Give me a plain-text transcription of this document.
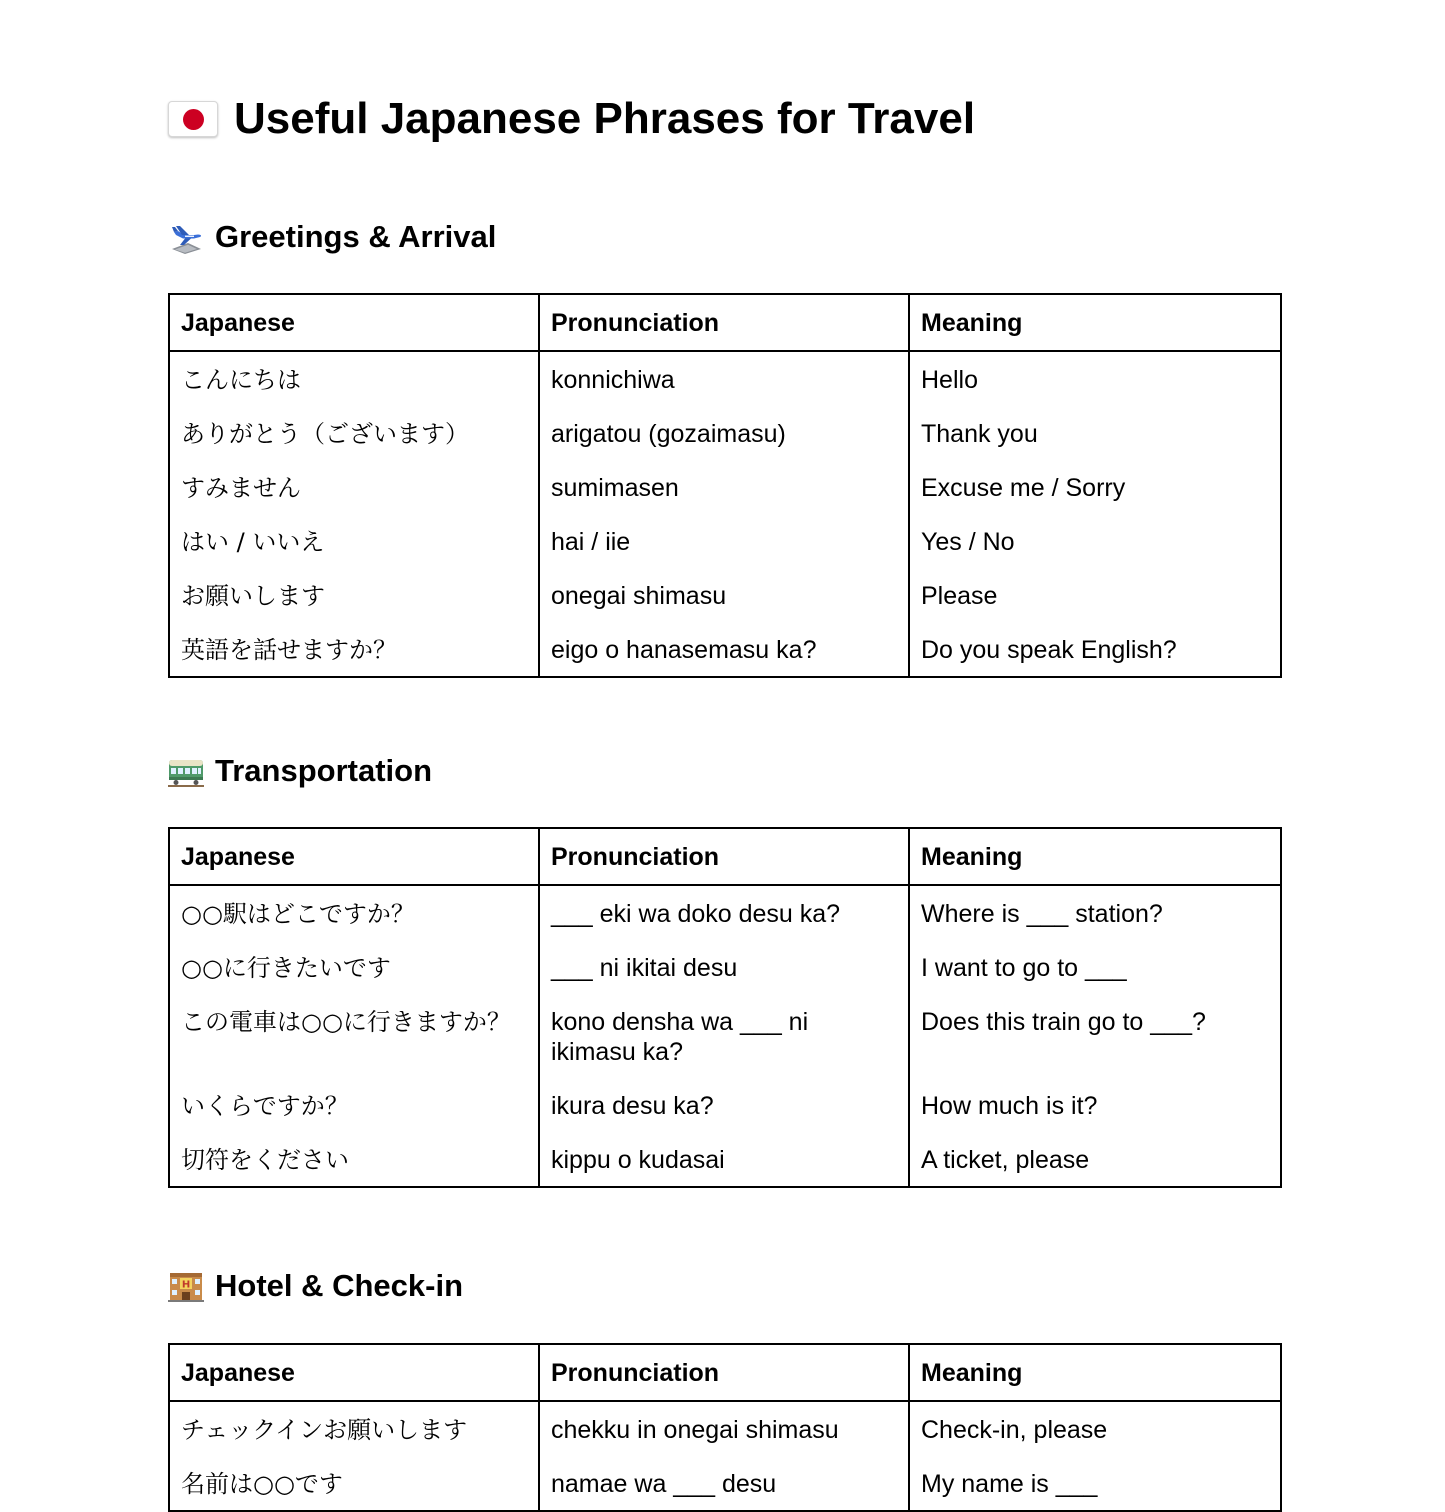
Useful Japanese Phrases for Travel
Greetings & Arrival
Japanese	Pronunciation	Meaning
こんにちは	konnichiwa	Hello
ありがとう（ございます）	arigatou (gozaimasu)	Thank you
すみません	sumimasen	Excuse me / Sorry
はい / いいえ	hai / iie	Yes / No
お願いします	onegai shimasu	Please
英語を話せますか？	eigo o hanasemasu ka?	Do you speak English?
Transportation
Japanese	Pronunciation	Meaning
○○駅はどこですか？	___ eki wa doko desu ka?	Where is ___ station?
○○に行きたいです	___ ni ikitai desu	I want to go to ___
この電車は○○に行きますか？	kono densha wa ___ ni ikimasu ka?	Does this train go to ___?
いくらですか？	ikura desu ka?	How much is it?
切符をください	kippu o kudasai	A ticket, please
H Hotel & Check-in
Japanese	Pronunciation	Meaning
チェックインお願いします	chekku in onegai shimasu	Check-in, please
名前は○○です	namae wa ___ desu	My name is ___
